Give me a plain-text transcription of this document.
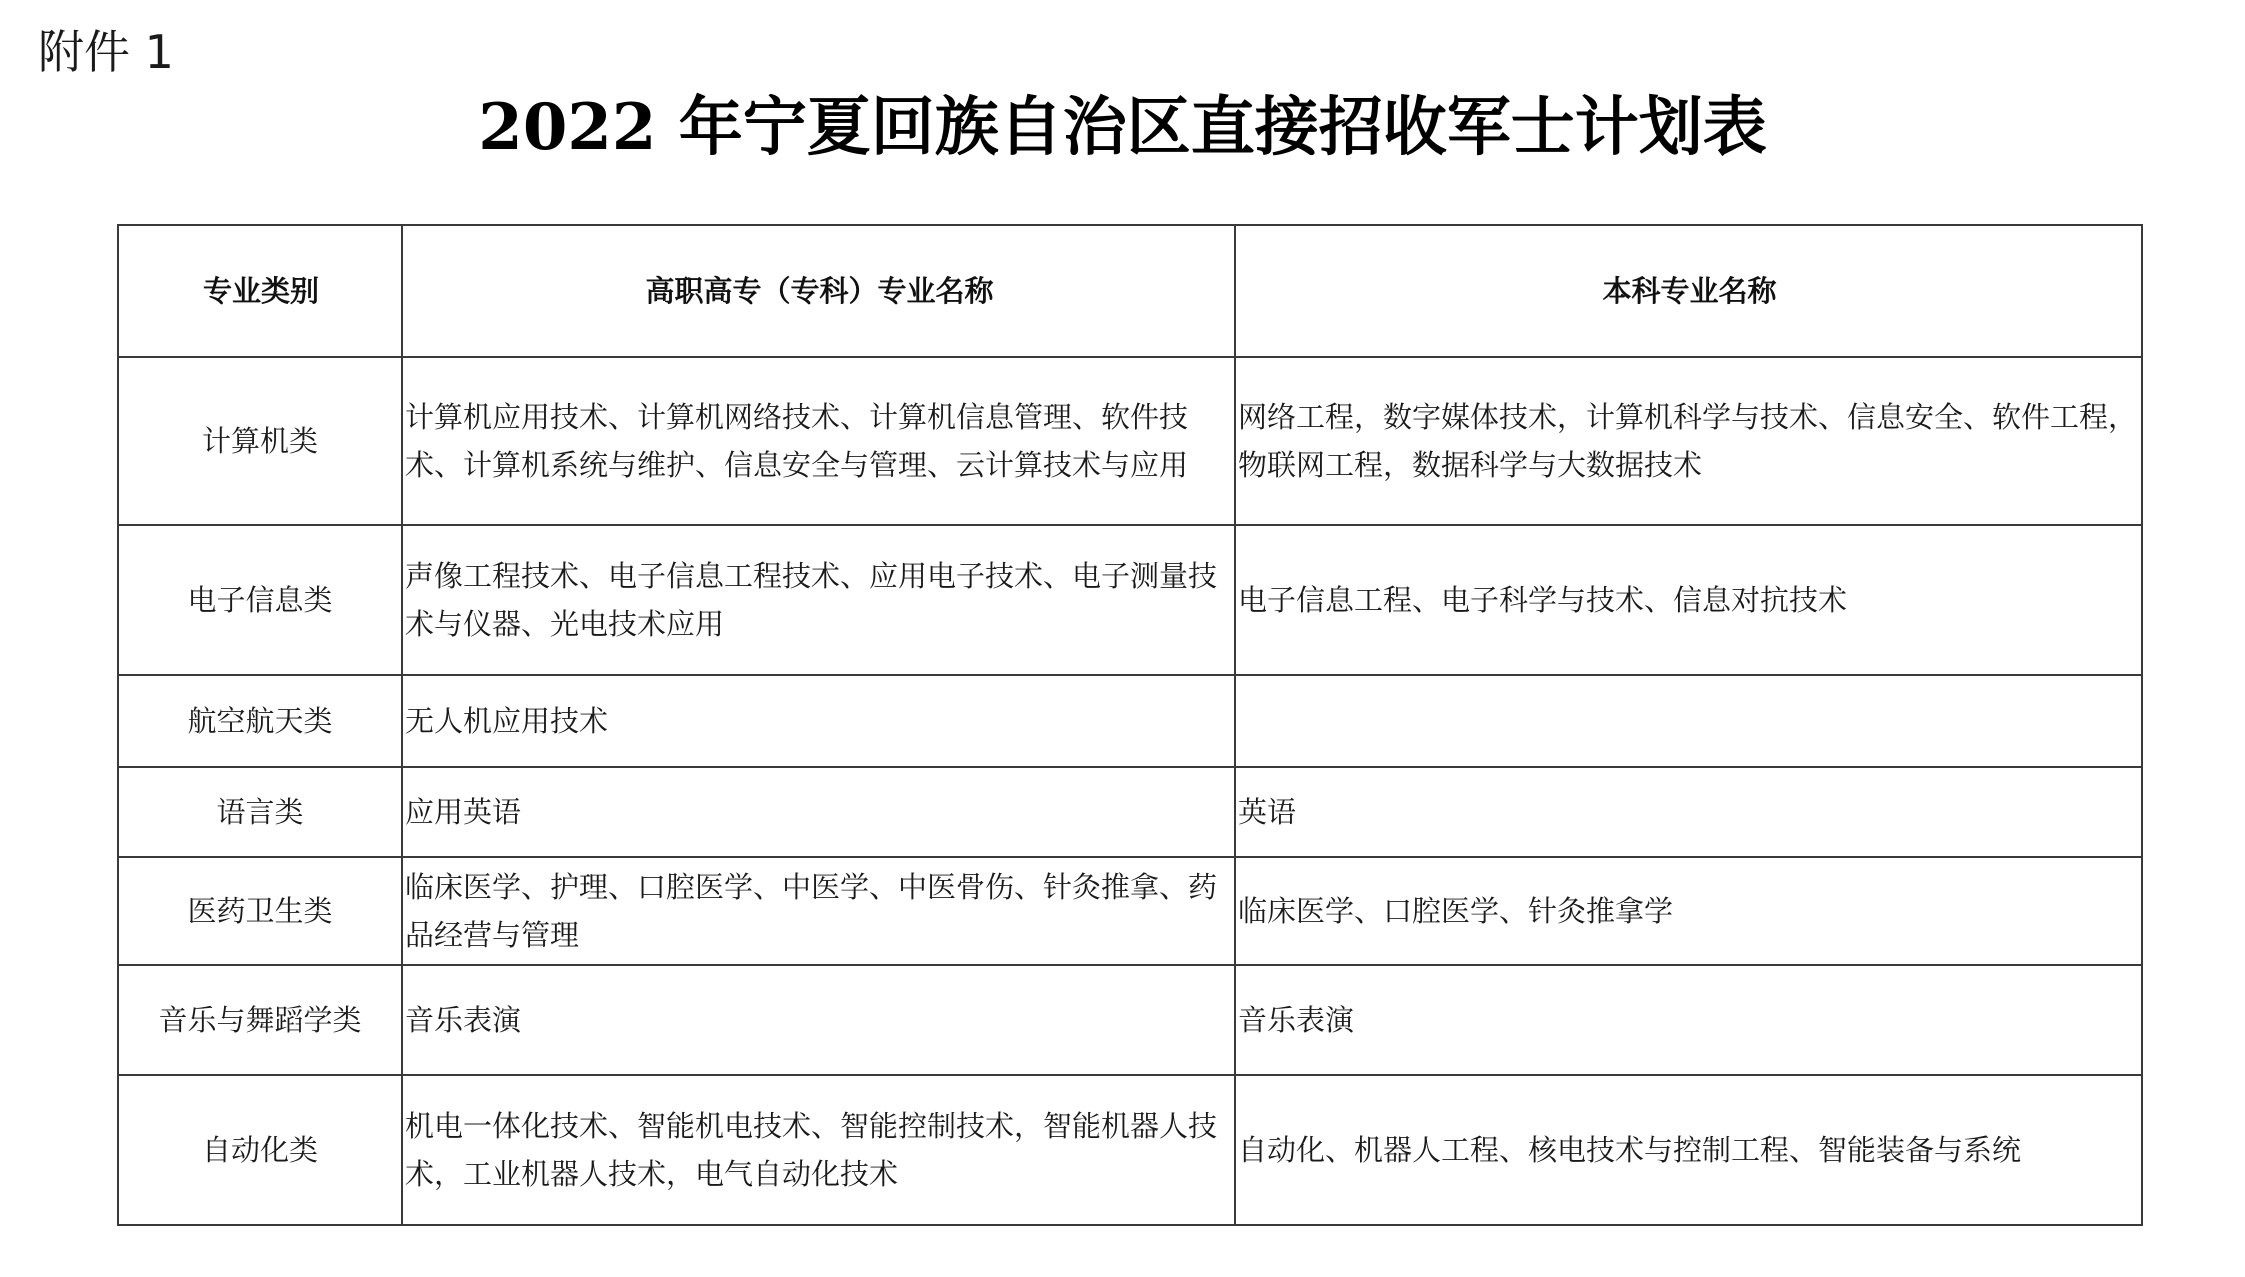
附件 1
2022 年宁夏回族自治区直接招收军士计划表
专业类别	高职高专（专科）专业名称	本科专业名称
计算机类	计算机应用技术、计算机网络技术、计算机信息管理、软件技术、计算机系统与维护、信息安全与管理、云计算技术与应用	网络工程，数字媒体技术，计算机科学与技术、信息安全、软件工程，物联网工程，数据科学与大数据技术
电子信息类	声像工程技术、电子信息工程技术、应用电子技术、电子测量技术与仪器、光电技术应用	电子信息工程、电子科学与技术、信息对抗技术
航空航天类	无人机应用技术	
语言类	应用英语	英语
医药卫生类	临床医学、护理、口腔医学、中医学、中医骨伤、针灸推拿、药品经营与管理	临床医学、口腔医学、针灸推拿学
音乐与舞蹈学类	音乐表演	音乐表演
自动化类	机电一体化技术、智能机电技术、智能控制技术，智能机器人技术，工业机器人技术，电气自动化技术	自动化、机器人工程、核电技术与控制工程、智能装备与系统
